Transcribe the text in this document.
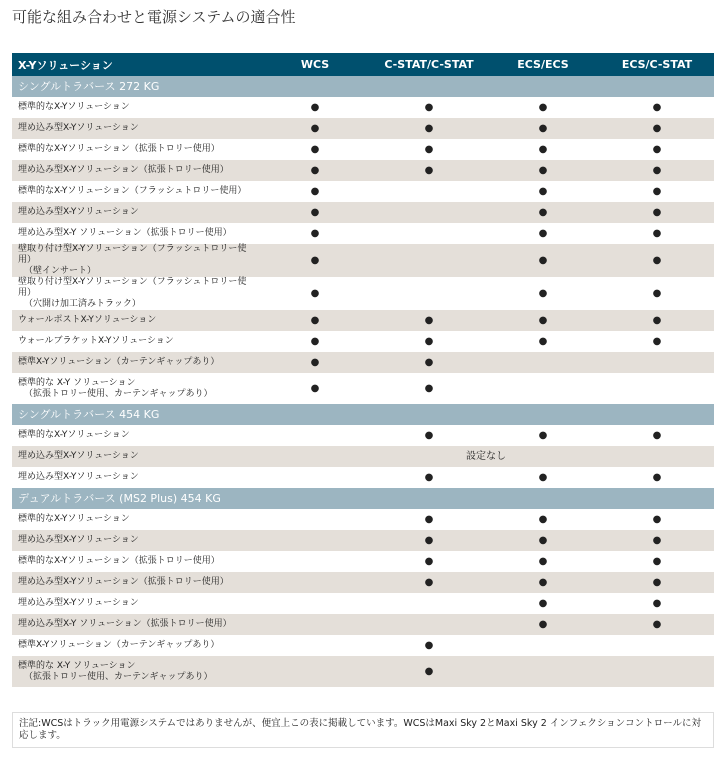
可能な組み合わせと電源システムの適合性
X-Yソリューション	WCS	C-STAT/C-STAT	ECS/ECS	ECS/C-STAT
シングルトラバース 272 KG				
標準的なX-Yソリューション	●	●	●	●
埋め込み型X-Yソリューション	●	●	●	●
標準的なX-Yソリューション（拡張トロリー使用）	●	●	●	●
埋め込み型X-Yソリューション（拡張トロリー使用）	●	●	●	●
標準的なX-Yソリューション（フラッシュトロリー使用）	●		●	●
埋め込み型X-Yソリューション	●		●	●
埋め込み型X-Y ソリューション（拡張トロリー使用）	●		●	●
壁取り付け型X-Yソリューション（フラッシュトロリー使用）
（壁インサート）	●		●	●
壁取り付け型X-Yソリューション（フラッシュトロリー使用）
（穴開け加工済みトラック）	●		●	●
ウォールポストX-Yソリューション	●	●	●	●
ウォールブラケットX-Yソリューション	●	●	●	●
標準X-Yソリューション（カーテンギャップあり）	●	●		
標準的な X-Y ソリューション
（拡張トロリー使用、カーテンギャップあり）	●	●		
シングルトラバース 454 KG				
標準的なX-Yソリューション		●	●	●
埋め込み型X-Yソリューション	設定なし			
埋め込み型X-Yソリューション		●	●	●
デュアルトラバース (MS2 Plus) 454 KG				
標準的なX-Yソリューション		●	●	●
埋め込み型X-Yソリューション		●	●	●
標準的なX-Yソリューション（拡張トロリー使用）		●	●	●
埋め込み型X-Yソリューション（拡張トロリー使用）		●	●	●
埋め込み型X-Yソリューション			●	●
埋め込み型X-Y ソリューション（拡張トロリー使用）			●	●
標準X-Yソリューション（カーテンギャップあり）		●		
標準的な X-Y ソリューション
（拡張トロリー使用、カーテンギャップあり）		●		
注記:WCSはトラック用電源システムではありませんが、便宜上この表に掲載しています。WCSはMaxi Sky 2とMaxi Sky 2 インフェクションコントロールに対応します。
